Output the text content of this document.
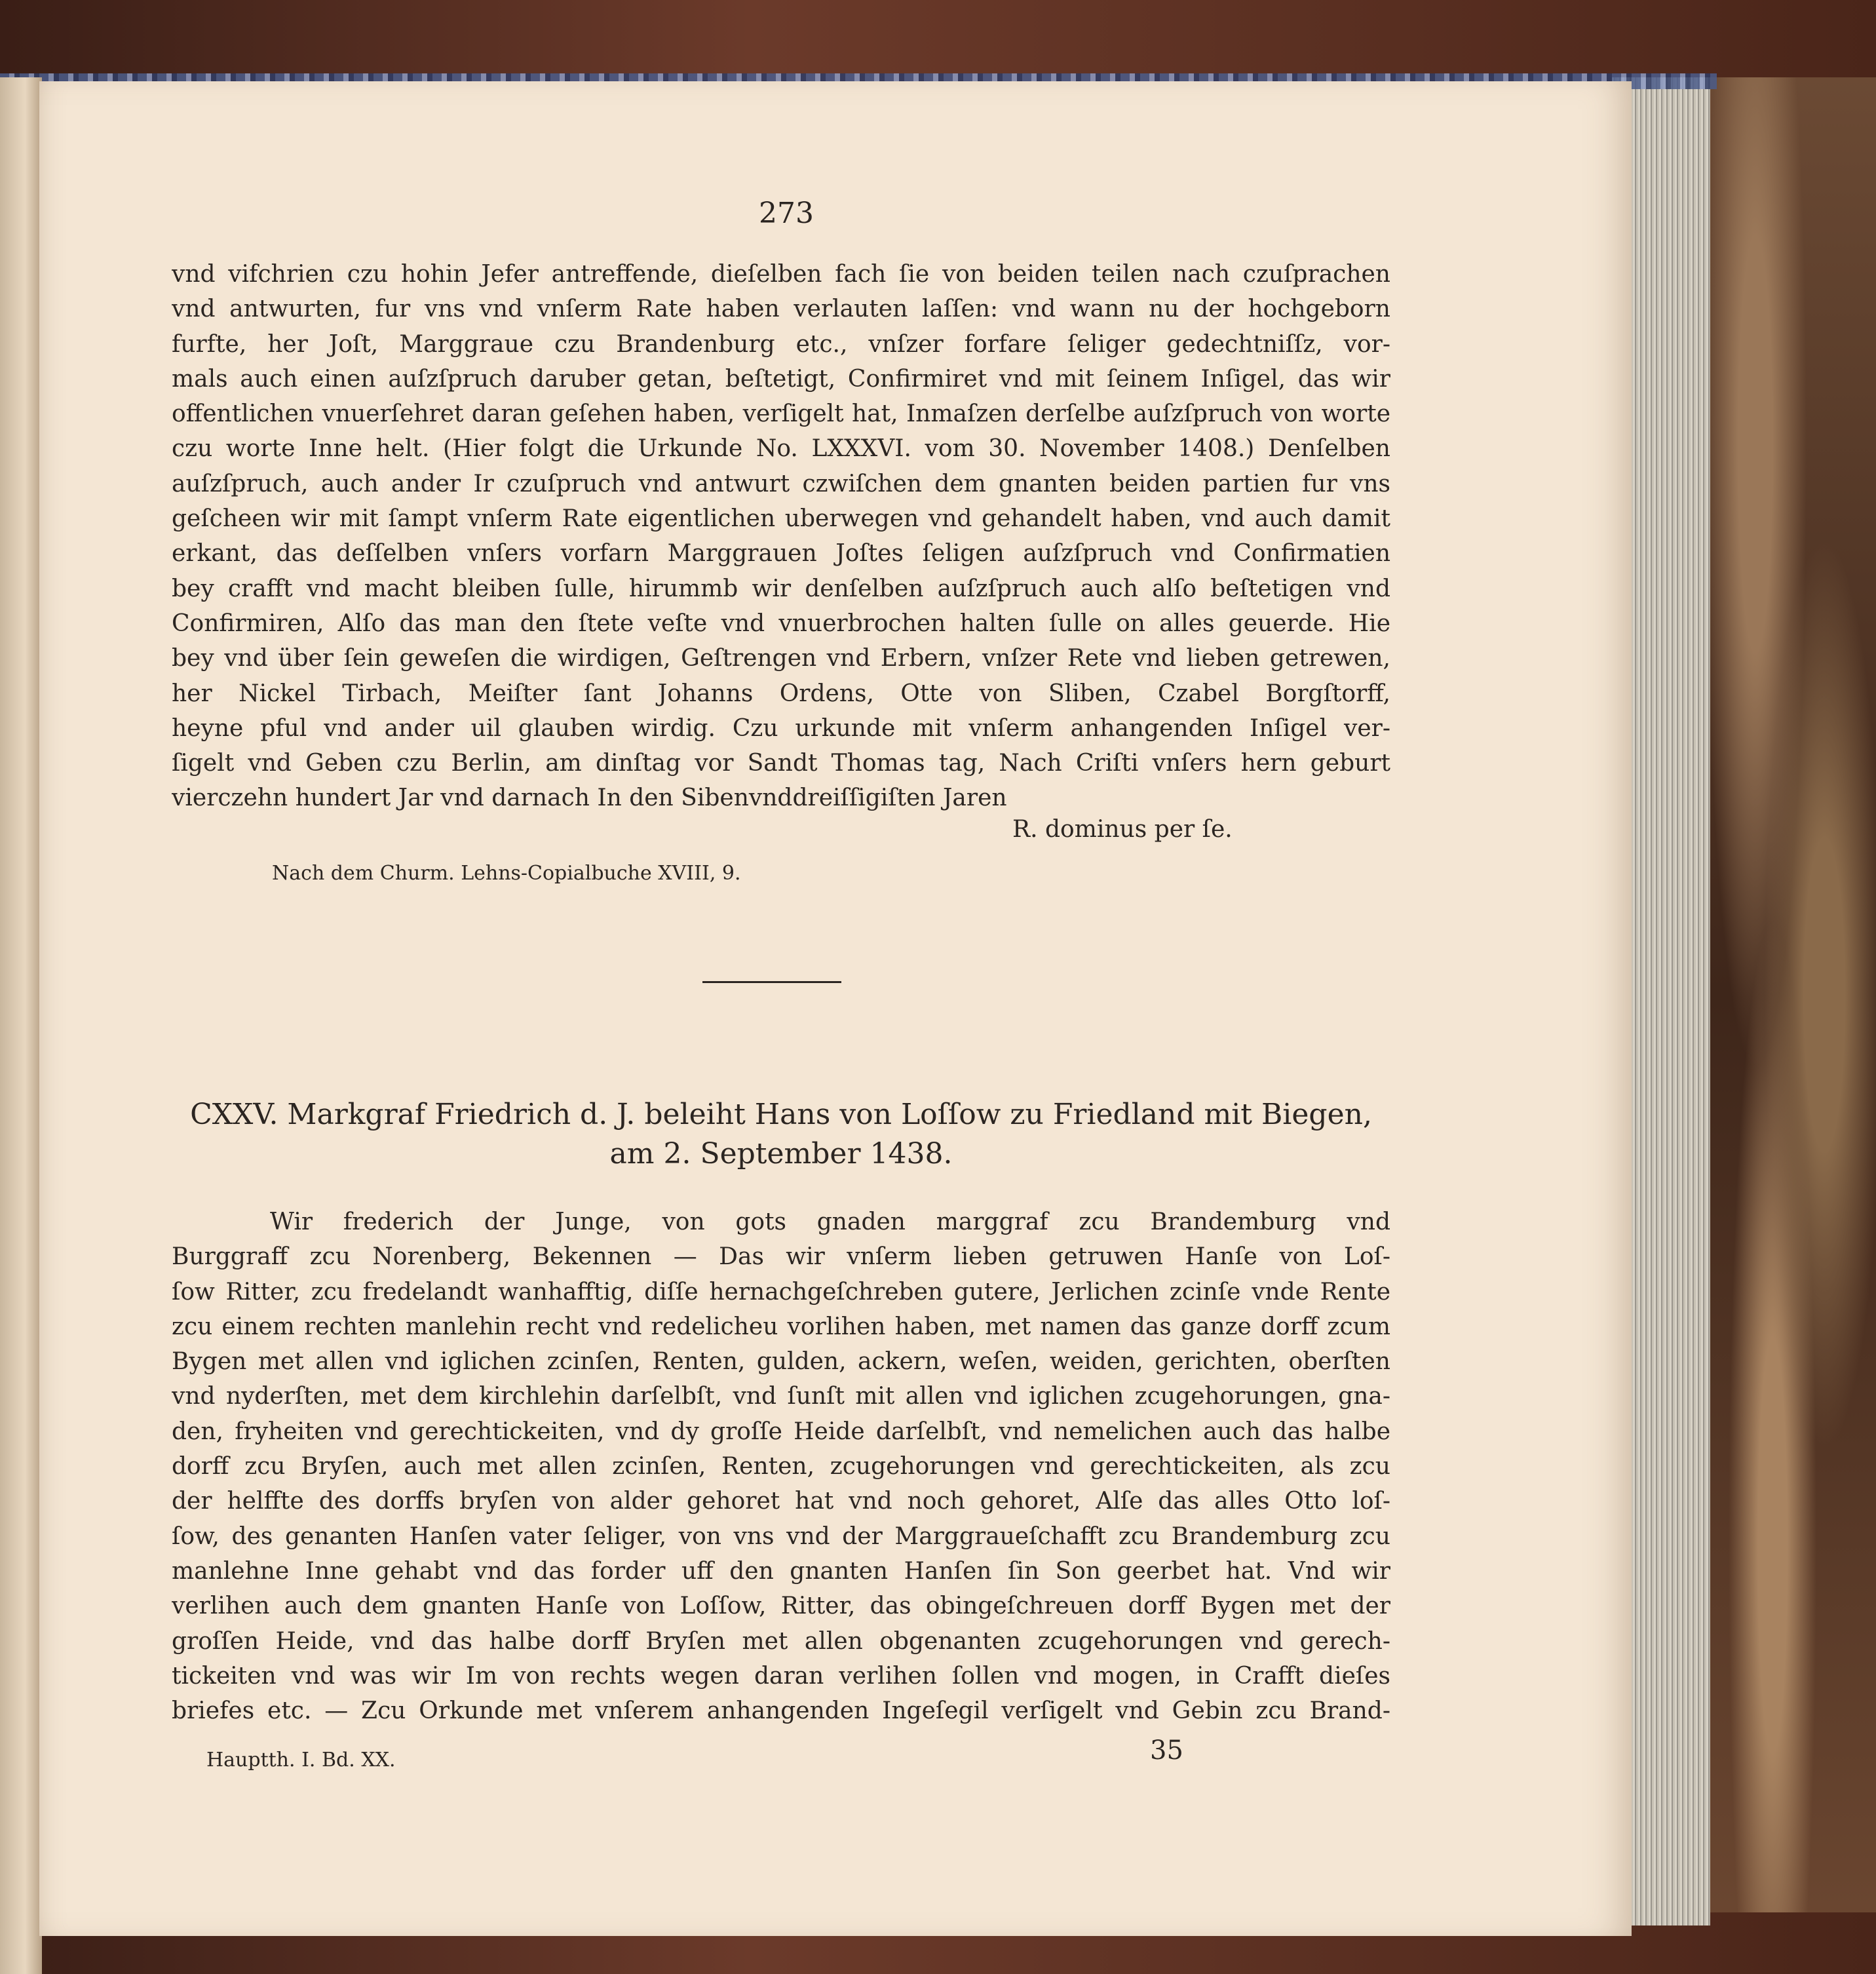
273
vnd vifchrien czu hohin Jefer antreffende, dieſelben fach ſie von beiden teilen nach czuſprachen
vnd antwurten, fur vns vnd vnſerm Rate haben verlauten laſſen: vnd wann nu der hochgeborn
furfte, her Joſt, Marggraue czu Brandenburg etc., vnſzer forfare ſeliger gedechtniſſz, vor-
mals auch einen auſzſpruch daruber getan, beſtetigt, Confirmiret vnd mit ſeinem Inſigel, das wir
offentlichen vnuerſehret daran geſehen haben, verſigelt hat, Inmaſzen derſelbe auſzſpruch von worte
czu worte Inne helt. (Hier folgt die Urkunde No. LXXXVI. vom 30. November 1408.) Denſelben
auſzſpruch, auch ander Ir czuſpruch vnd antwurt czwiſchen dem gnanten beiden partien fur vns
geſcheen wir mit ſampt vnſerm Rate eigentlichen uberwegen vnd gehandelt haben, vnd auch damit
erkant, das deſſelben vnſers vorfarn Marggrauen Joſtes ſeligen auſzſpruch vnd Confirmatien
bey crafft vnd macht bleiben ſulle, hirummb wir denſelben auſzſpruch auch alſo beſtetigen vnd
Confirmiren, Alſo das man den ſtete veſte vnd vnuerbrochen halten ſulle on alles geuerde. Hie
bey vnd über ſein geweſen die wirdigen, Geſtrengen vnd Erbern, vnſzer Rete vnd lieben getrewen,
her Nickel Tirbach, Meiſter ſant Johanns Ordens, Otte von Sliben, Czabel Borgſtorff,
heyne pful vnd ander uil glauben wirdig. Czu urkunde mit vnſerm anhangenden Inſigel ver-
ſigelt vnd Geben czu Berlin, am dinſtag vor Sandt Thomas tag, Nach Criſti vnſers hern geburt
vierczehn hundert Jar vnd darnach In den Sibenvnddreiſſigiſten Jaren
R. dominus per ſe.
Nach dem Churm. Lehns-Copialbuche XVIII, 9.
CXXV. Markgraf Friedrich d. J. beleiht Hans von Loſſow zu Friedland mit Biegen,
am 2. September 1438.
Wir frederich der Junge, von gots gnaden marggraf zcu Brandemburg vnd
Burggraff zcu Norenberg, Bekennen — Das wir vnſerm lieben getruwen Hanſe von Loſ-
ſow Ritter, zcu fredelandt wanhafftig, diſſe hernachgeſchreben gutere, Jerlichen zcinſe vnde Rente
zcu einem rechten manlehin recht vnd redelicheu vorlihen haben, met namen das ganze dorff zcum
Bygen met allen vnd iglichen zcinſen, Renten, gulden, ackern, weſen, weiden, gerichten, oberſten
vnd nyderſten, met dem kirchlehin darſelbſt, vnd ſunſt mit allen vnd iglichen zcugehorungen, gna-
den, fryheiten vnd gerechtickeiten, vnd dy groſſe Heide darſelbſt, vnd nemelichen auch das halbe
dorff zcu Bryſen, auch met allen zcinſen, Renten, zcugehorungen vnd gerechtickeiten, als zcu
der helffte des dorffs bryſen von alder gehoret hat vnd noch gehoret, Alſe das alles Otto loſ-
ſow, des genanten Hanſen vater ſeliger, von vns vnd der Marggraueſchafft zcu Brandemburg zcu
manlehne Inne gehabt vnd das forder uff den gnanten Hanſen ſin Son geerbet hat. Vnd wir
verlihen auch dem gnanten Hanſe von Loſſow, Ritter, das obingeſchreuen dorff Bygen met der
groſſen Heide, vnd das halbe dorff Bryſen met allen obgenanten zcugehorungen vnd gerech-
tickeiten vnd was wir Im von rechts wegen daran verlihen ſollen vnd mogen, in Crafft dieſes
briefes etc. — Zcu Orkunde met vnſerem anhangenden Ingeſegil verſigelt vnd Gebin zcu Brand-
Hauptth. I. Bd. XX.	35
